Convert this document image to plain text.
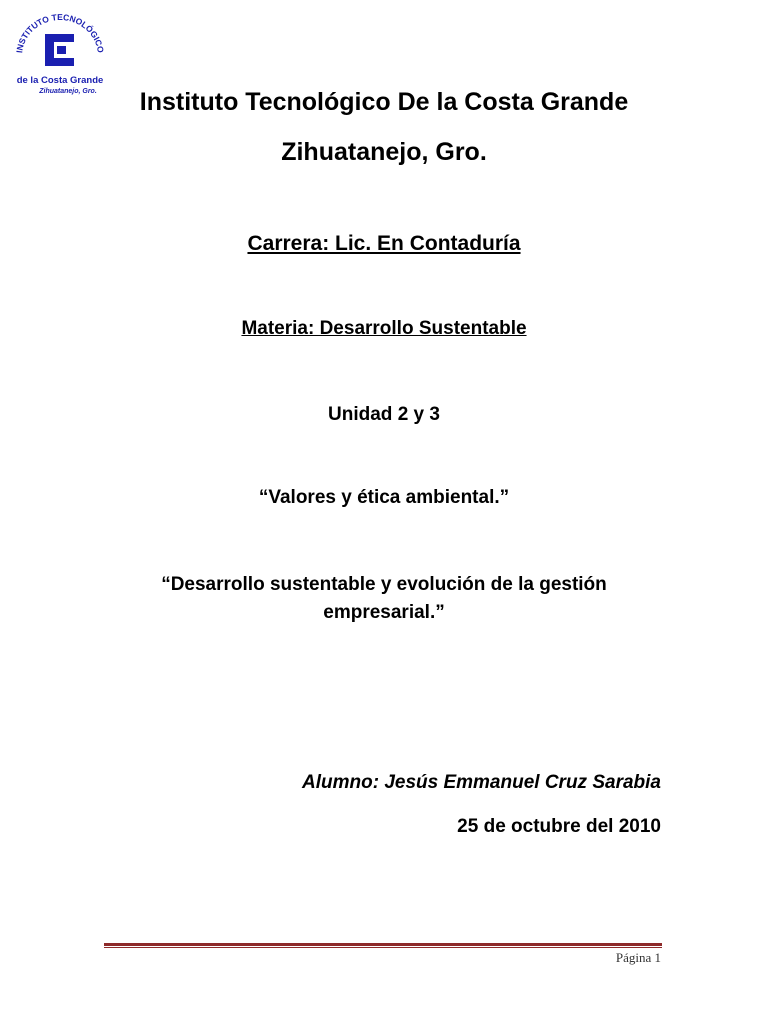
INSTITUTO TECNOLÓGICO
de la Costa Grande
Zihuatanejo, Gro.	Instituto Tecnológico De la Costa Grande
Zihuatanejo, Gro.
Carrera: Lic. En Contaduría
Materia: Desarrollo Sustentable
Unidad 2 y 3
“Valores y ética ambiental.”
“Desarrollo sustentable y evolución de la gestión empresarial.”
Alumno: Jesús Emmanuel Cruz Sarabia
25 de octubre del 2010
Página 1
